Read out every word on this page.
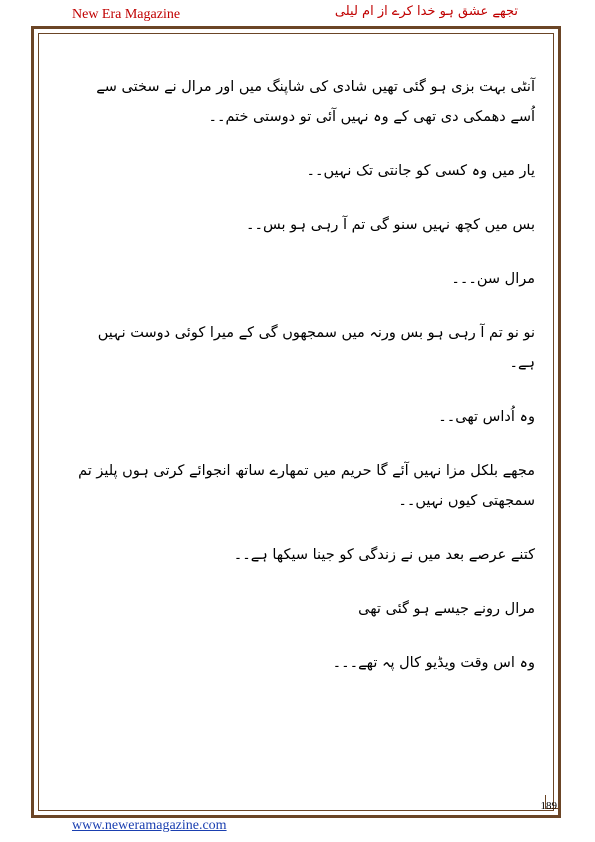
New Era Magazine	تجھے عشق ہو خدا کرے از ام لیلی

آنٹی بہت بزی ہو گئی تھیں شادی کی شاپنگ میں اور مرال نے سختی سے اُسے دھمکی دی تھی کے وہ نہیں آئی تو دوستی ختم۔۔

یار میں وہ کسی کو جانتی تک نہیں۔۔

بس میں کچھ نہیں سنو گی تم آ رہی ہو بس۔۔

مرال سن۔۔۔

نو نو تم آ رہی ہو بس ورنہ میں سمجھوں گی کے میرا کوئی دوست نہیں ہے۔

وہ اُداس تھی۔۔

مجھے بلکل مزا نہیں آئے گا حریم میں تمھارے ساتھ انجوائے کرتی ہوں پلیز تم سمجھتی کیوں نہیں۔۔

کتنے عرصے بعد میں نے زندگی کو جینا سیکھا ہے۔۔

مرال رونے جیسے ہو گئی تھی

وہ اس وقت ویڈیو کال پہ تھے۔۔۔

189
www.neweramagazine.com
